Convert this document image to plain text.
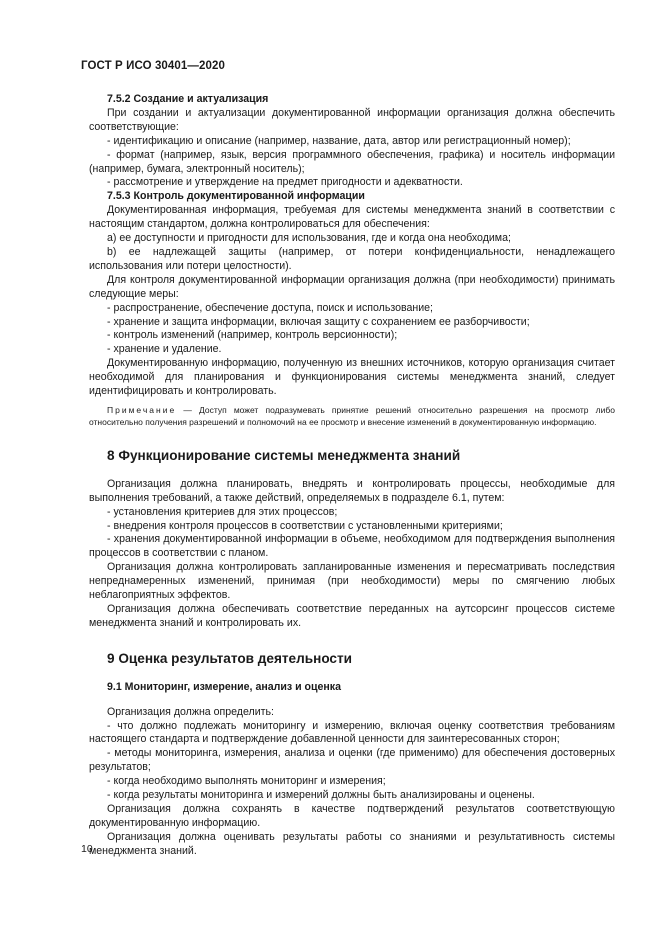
ГОСТ Р ИСО 30401—2020
7.5.2 Создание и актуализация
При создании и актуализации документированной информации организация должна обеспечить соответствующие:
- идентификацию и описание (например, название, дата, автор или регистрационный номер);
- формат (например, язык, версия программного обеспечения, графика) и носитель информации (например, бумага, электронный носитель);
- рассмотрение и утверждение на предмет пригодности и адекватности.
7.5.3 Контроль документированной информации
Документированная информация, требуемая для системы менеджмента знаний в соответствии с настоящим стандартом, должна контролироваться для обеспечения:
a) ее доступности и пригодности для использования, где и когда она необходима;
b) ее надлежащей защиты (например, от потери конфиденциальности, ненадлежащего использования или потери целостности).
Для контроля документированной информации организация должна (при необходимости) принимать следующие меры:
- распространение, обеспечение доступа, поиск и использование;
- хранение и защита информации, включая защиту с сохранением ее разборчивости;
- контроль изменений (например, контроль версионности);
- хранение и удаление.
Документированную информацию, полученную из внешних источников, которую организация считает необходимой для планирования и функционирования системы менеджмента знаний, следует идентифицировать и контролировать.
Примечание — Доступ может подразумевать принятие решений относительно разрешения на просмотр либо относительно получения разрешений и полномочий на ее просмотр и внесение изменений в документированную информацию.
8 Функционирование системы менеджмента знаний
Организация должна планировать, внедрять и контролировать процессы, необходимые для выполнения требований, а также действий, определяемых в подразделе 6.1, путем:
- установления критериев для этих процессов;
- внедрения контроля процессов в соответствии с установленными критериями;
- хранения документированной информации в объеме, необходимом для подтверждения выполнения процессов в соответствии с планом.
Организация должна контролировать запланированные изменения и пересматривать последствия непреднамеренных изменений, принимая (при необходимости) меры по смягчению любых неблагоприятных эффектов.
Организация должна обеспечивать соответствие переданных на аутсорсинг процессов системе менеджмента знаний и контролировать их.
9 Оценка результатов деятельности
9.1 Мониторинг, измерение, анализ и оценка
Организация должна определить:
- что должно подлежать мониторингу и измерению, включая оценку соответствия требованиям настоящего стандарта и подтверждение добавленной ценности для заинтересованных сторон;
- методы мониторинга, измерения, анализа и оценки (где применимо) для обеспечения достоверных результатов;
- когда необходимо выполнять мониторинг и измерения;
- когда результаты мониторинга и измерений должны быть анализированы и оценены.
Организация должна сохранять в качестве подтверждений результатов соответствующую документированную информацию.
Организация должна оценивать результаты работы со знаниями и результативность системы менеджмента знаний.
10
